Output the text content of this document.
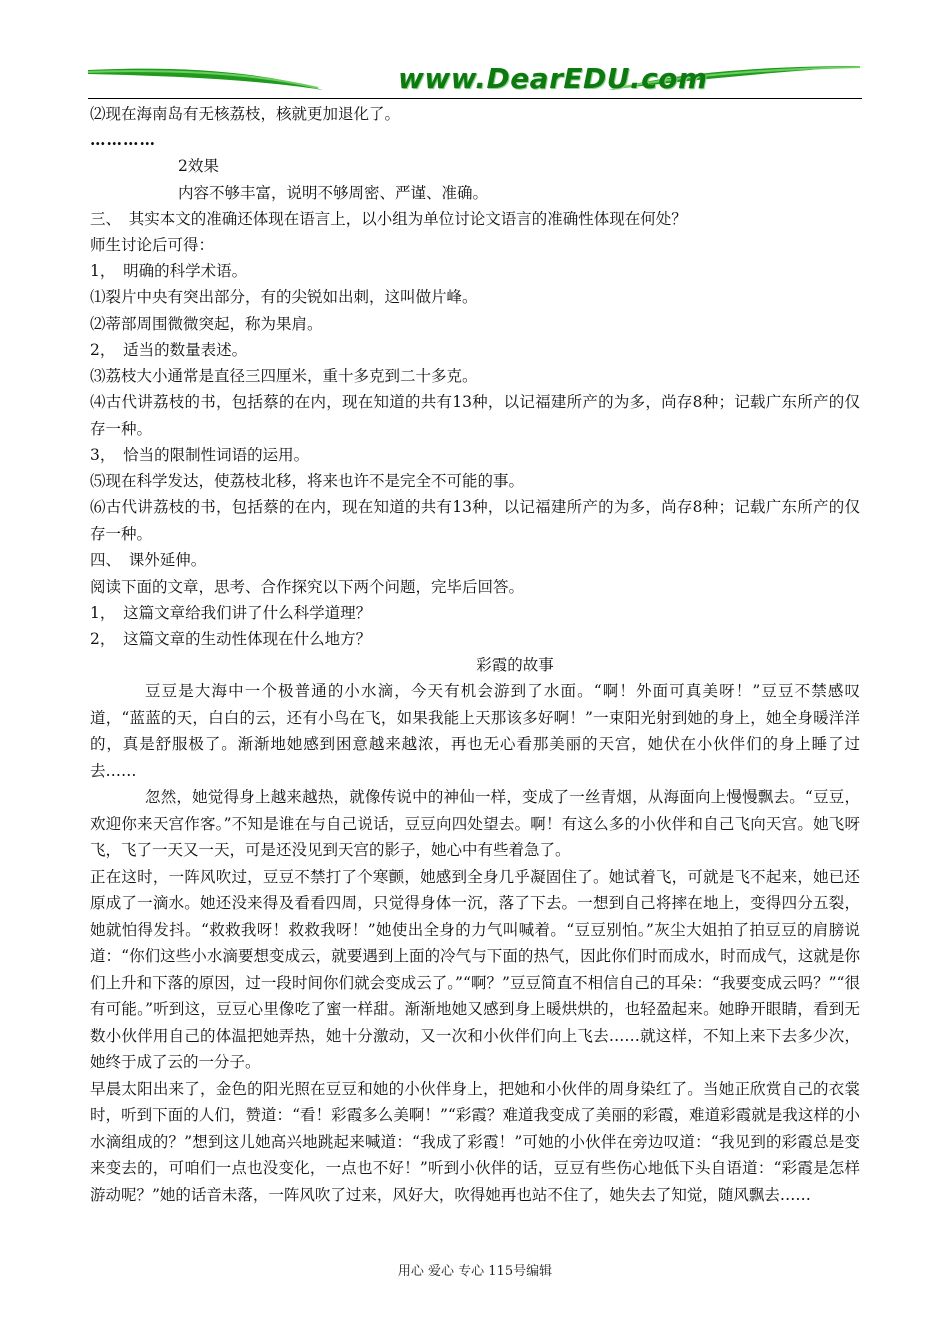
www.DearEDU.com
⑵现在海南岛有无核荔枝，核就更加退化了。
…………
2效果
内容不够丰富，说明不够周密、严谨、准确。
三、　其实本文的准确还体现在语言上，以小组为单位讨论文语言的准确性体现在何处？
师生讨论后可得：
1，　明确的科学术语。
⑴裂片中央有突出部分，有的尖锐如出刺，这叫做片峰。
⑵蒂部周围微微突起，称为果肩。
2，　适当的数量表述。
⑶荔枝大小通常是直径三四厘米，重十多克到二十多克。
⑷古代讲荔枝的书，包括蔡的在内，现在知道的共有13种，以记福建所产的为多，尚存8种；记载广东所产的仅存一种。
3，　恰当的限制性词语的运用。
⑸现在科学发达，使荔枝北移，将来也许不是完全不可能的事。
⑹古代讲荔枝的书，包括蔡的在内，现在知道的共有13种，以记福建所产的为多，尚存8种；记载广东所产的仅存一种。
四、　课外延伸。
阅读下面的文章，思考、合作探究以下两个问题，完毕后回答。
1，　这篇文章给我们讲了什么科学道理？
2，　这篇文章的生动性体现在什么地方？
彩霞的故事
豆豆是大海中一个极普通的小水滴，今天有机会游到了水面。“啊！外面可真美呀！”豆豆不禁感叹道，“蓝蓝的天，白白的云，还有小鸟在飞，如果我能上天那该多好啊！”一束阳光射到她的身上，她全身暖洋洋的，真是舒服极了。渐渐地她感到困意越来越浓，再也无心看那美丽的天宫，她伏在小伙伴们的身上睡了过去……
忽然，她觉得身上越来越热，就像传说中的神仙一样，变成了一丝青烟，从海面向上慢慢飘去。“豆豆，欢迎你来天宫作客。”不知是谁在与自己说话，豆豆向四处望去。啊！有这么多的小伙伴和自己飞向天宫。她飞呀飞，飞了一天又一天，可是还没见到天宫的影子，她心中有些着急了。
正在这时，一阵风吹过，豆豆不禁打了个寒颤，她感到全身几乎凝固住了。她试着飞，可就是飞不起来，她已还原成了一滴水。她还没来得及看看四周，只觉得身体一沉，落了下去。一想到自己将摔在地上，变得四分五裂，她就怕得发抖。“救救我呀！救救我呀！”她使出全身的力气叫喊着。“豆豆别怕。”灰尘大姐拍了拍豆豆的肩膀说道：“你们这些小水滴要想变成云，就要遇到上面的冷气与下面的热气，因此你们时而成水，时而成气，这就是你们上升和下落的原因，过一段时间你们就会变成云了。”“啊？”豆豆简直不相信自己的耳朵：“我要变成云吗？”“很有可能。”听到这，豆豆心里像吃了蜜一样甜。渐渐地她又感到身上暖烘烘的，也轻盈起来。她睁开眼睛，看到无数小伙伴用自己的体温把她弄热，她十分激动，又一次和小伙伴们向上飞去……就这样，不知上来下去多少次，她终于成了云的一分子。
早晨太阳出来了，金色的阳光照在豆豆和她的小伙伴身上，把她和小伙伴的周身染红了。当她正欣赏自己的衣裳时，听到下面的人们，赞道：“看！彩霞多么美啊！”“彩霞？难道我变成了美丽的彩霞，难道彩霞就是我这样的小水滴组成的？”想到这儿她高兴地跳起来喊道：“我成了彩霞！”可她的小伙伴在旁边叹道：“我见到的彩霞总是变来变去的，可咱们一点也没变化，一点也不好！”听到小伙伴的话，豆豆有些伤心地低下头自语道：“彩霞是怎样游动呢？”她的话音未落，一阵风吹了过来，风好大，吹得她再也站不住了，她失去了知觉，随风飘去……
用心 爱心 专心 115号编辑
